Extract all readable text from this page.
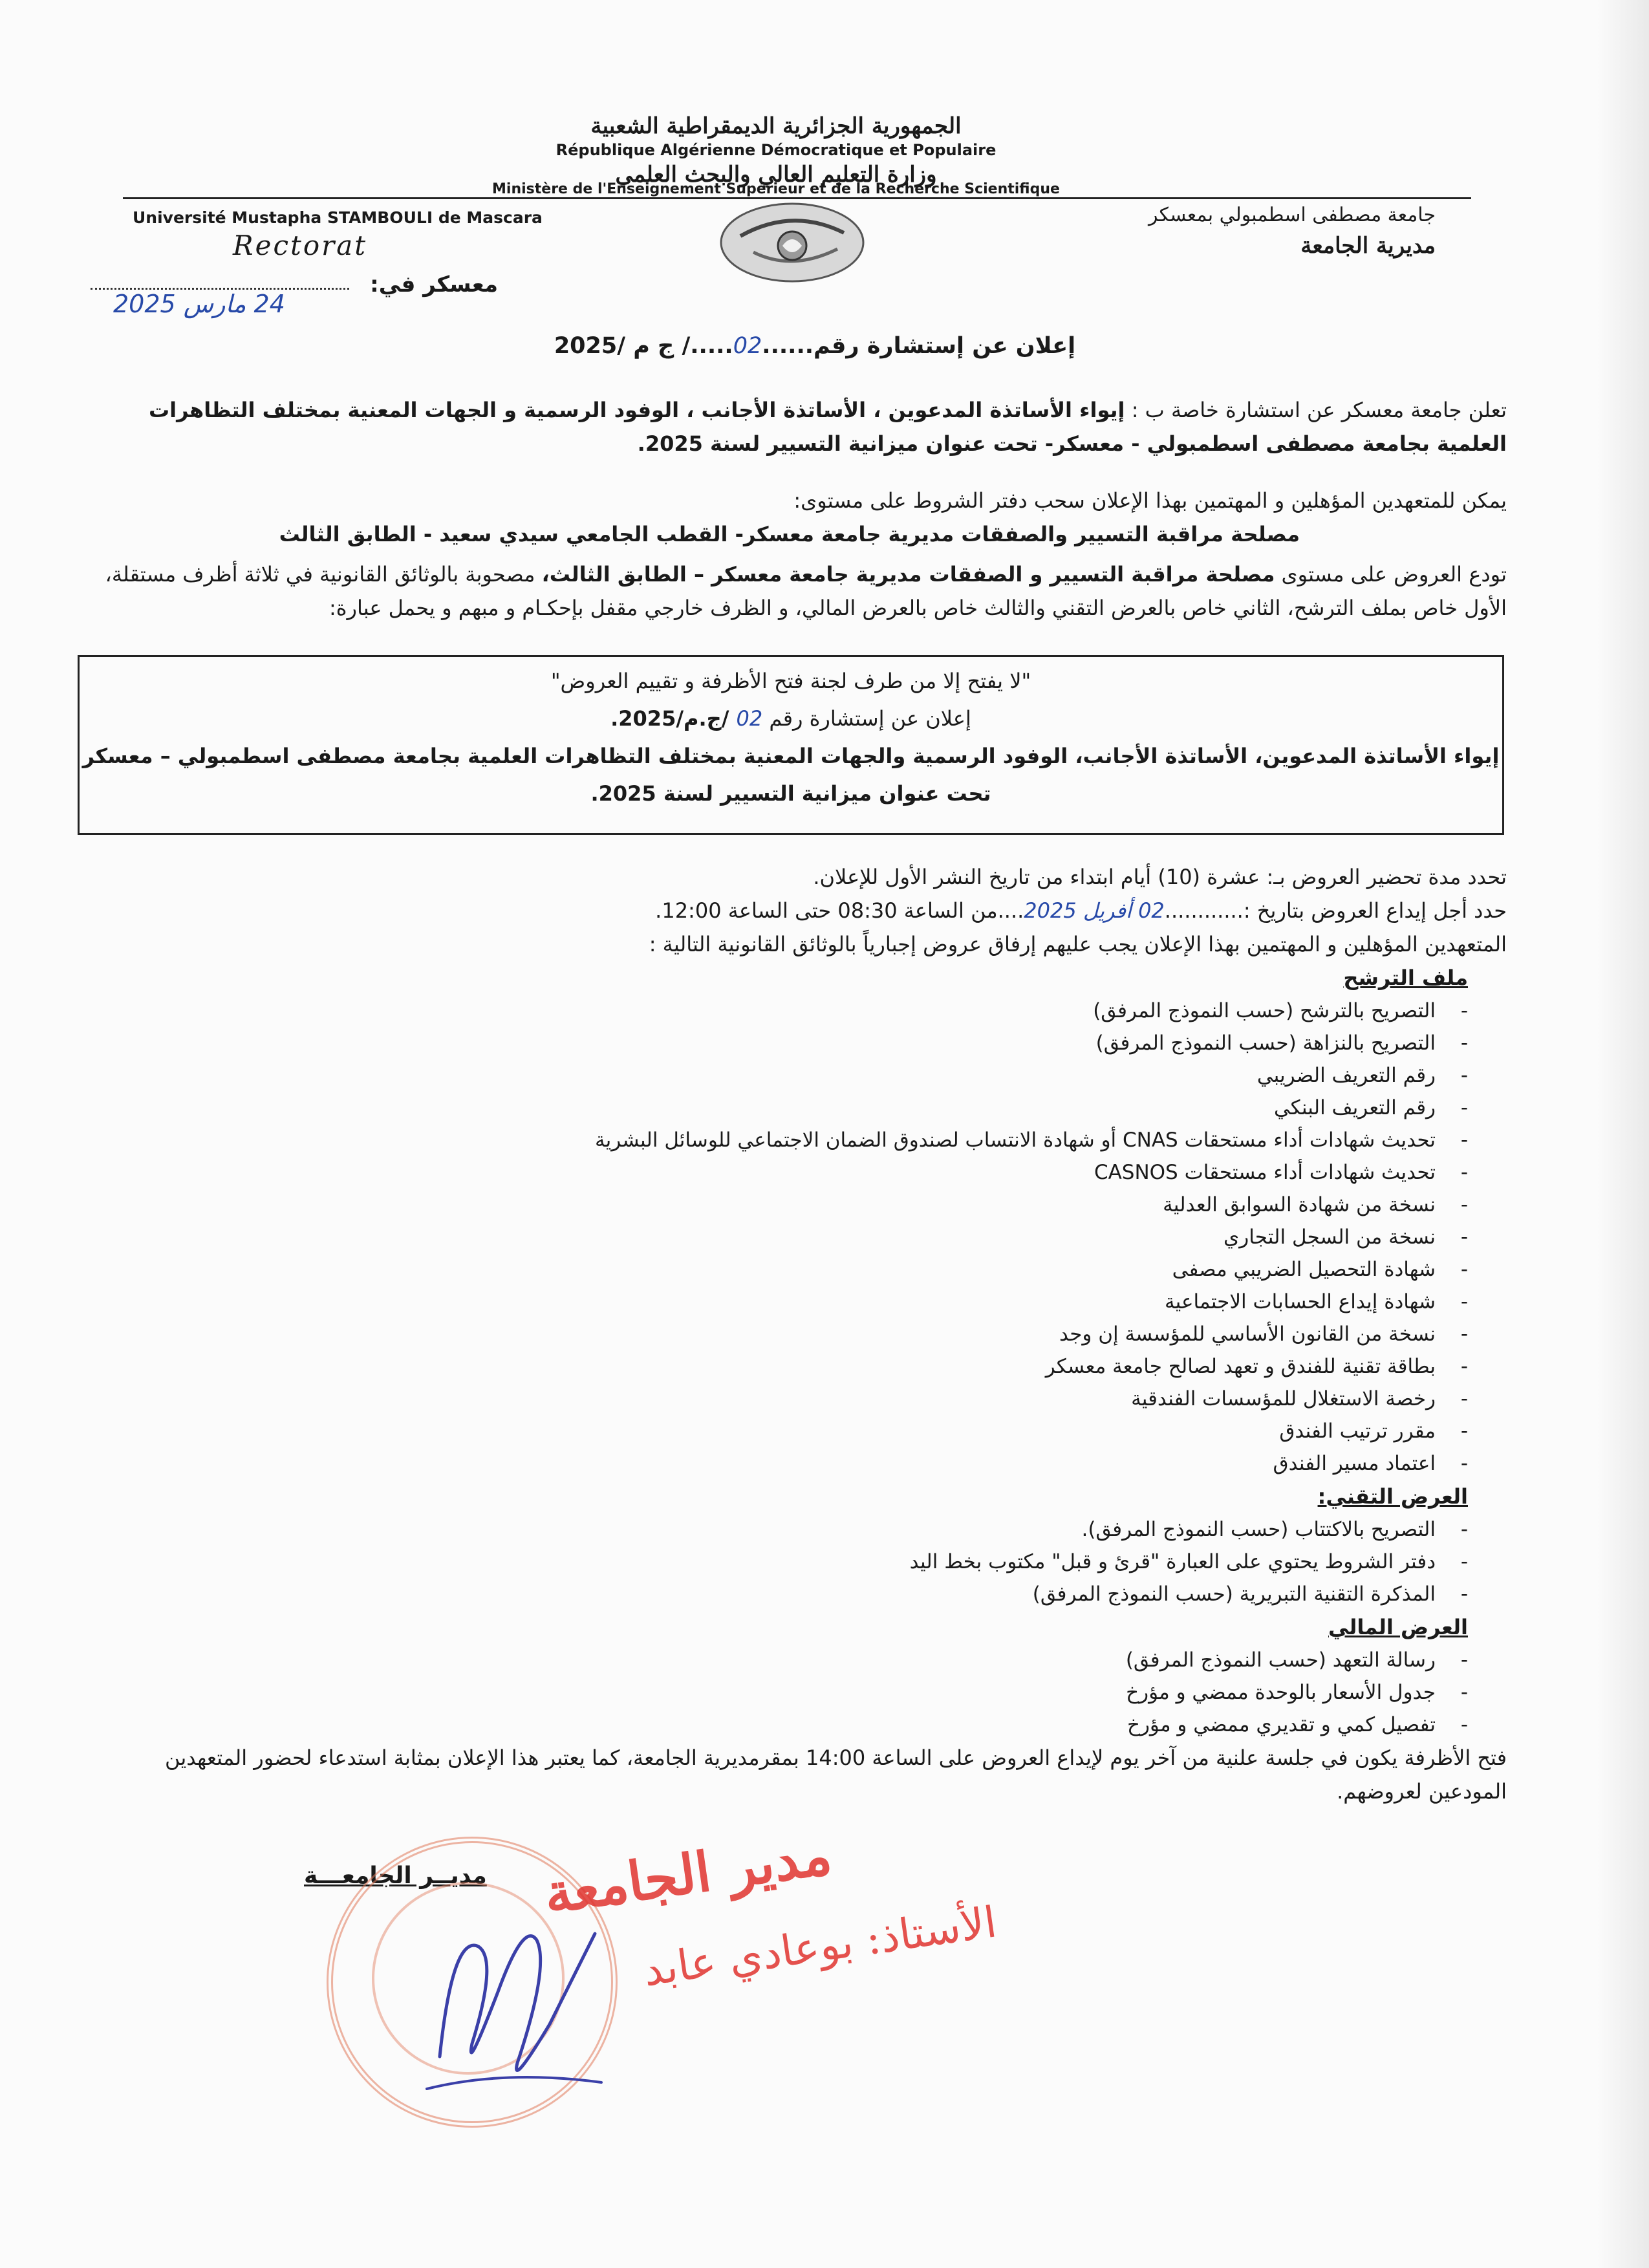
الجمهورية الجزائرية الديمقراطية الشعبية
République Algérienne Démocratique et Populaire
وزارة التعليم العالي والبحث العلمي
Ministère de l'Enseignement Supérieur et de la Recherche Scientifique
Université Mustapha STAMBOULI de Mascara
Rectorat
جامعة مصطفى اسطمبولي بمعسكر
مديرية الجامعة
معسكر في:
24 مارس 2025
إعلان عن إستشارة رقم......02...../ ج م /2025
تعلن جامعة معسكر عن استشارة خاصة ب : إيواء الأساتذة المدعوين ، الأساتذة الأجانب ، الوفود الرسمية و الجهات المعنية بمختلف التظاهرات العلمية بجامعة مصطفى اسطمبولي - معسكر- تحت عنوان ميزانية التسيير لسنة 2025.
يمكن للمتعهدين المؤهلين و المهتمين بهذا الإعلان سحب دفتر الشروط على مستوى:
مصلحة مراقبة التسيير والصفقات مديرية جامعة معسكر- القطب الجامعي سيدي سعيد - الطابق الثالث
تودع العروض على مستوى مصلحة مراقبة التسيير و الصفقات مديرية جامعة معسكر – الطابق الثالث، مصحوبة بالوثائق القانونية في ثلاثة أظرف مستقلة، الأول خاص بملف الترشح، الثاني خاص بالعرض التقني والثالث خاص بالعرض المالي، و الظرف خارجي مقفل بإحكـام و مبهم و يحمل عبارة:
"لا يفتح إلا من طرف لجنة فتح الأظرفة و تقييم العروض"
إعلان عن إستشارة رقم 02 /ج.م/2025.
إيواء الأساتذة المدعوين، الأساتذة الأجانب، الوفود الرسمية والجهات المعنية بمختلف التظاهرات العلمية بجامعة مصطفى اسطمبولي – معسكر
تحت عنوان ميزانية التسيير لسنة 2025.
تحدد مدة تحضير العروض بـ: عشرة (10) أيام ابتداء من تاريخ النشر الأول للإعلان.
حدد أجل إيداع العروض بتاريخ :............02 أفريل 2025....من الساعة 08:30 حتى الساعة 12:00.
المتعهدين المؤهلين و المهتمين بهذا الإعلان يجب عليهم إرفاق عروض إجبارياً بالوثائق القانونية التالية :
ملف الترشح
- التصريح بالترشح (حسب النموذج المرفق)
- التصريح بالنزاهة (حسب النموذج المرفق)
- رقم التعريف الضريبي
- رقم التعريف البنكي
- تحديث شهادات أداء مستحقات CNAS أو شهادة الانتساب لصندوق الضمان الاجتماعي للوسائل البشرية
- تحديث شهادات أداء مستحقات CASNOS
- نسخة من شهادة السوابق العدلية
- نسخة من السجل التجاري
- شهادة التحصيل الضريبي مصفى
- شهادة إيداع الحسابات الاجتماعية
- نسخة من القانون الأساسي للمؤسسة إن وجد
- بطاقة تقنية للفندق و تعهد لصالح جامعة معسكر
- رخصة الاستغلال للمؤسسات الفندقية
- مقرر ترتيب الفندق
- اعتماد مسير الفندق
العرض التقني:
- التصريح بالاكتتاب (حسب النموذج المرفق).
- دفتر الشروط يحتوي على العبارة "قرئ و قبل" مكتوب بخط اليد
- المذكرة التقنية التبريرية (حسب النموذج المرفق)
العرض المالي
- رسالة التعهد (حسب النموذج المرفق)
- جدول الأسعار بالوحدة ممضي و مؤرخ
- تفصيل كمي و تقديري ممضي و مؤرخ
فتح الأظرفة يكون في جلسة علنية من آخر يوم لإيداع العروض على الساعة 14:00 بمقرمديرية الجامعة، كما يعتبر هذا الإعلان بمثابة استدعاء لحضور المتعهدين المودعين لعروضهم.
مديــر الجامعـــة مدير الجامعة
الأستاذ: بوعادي عابد
